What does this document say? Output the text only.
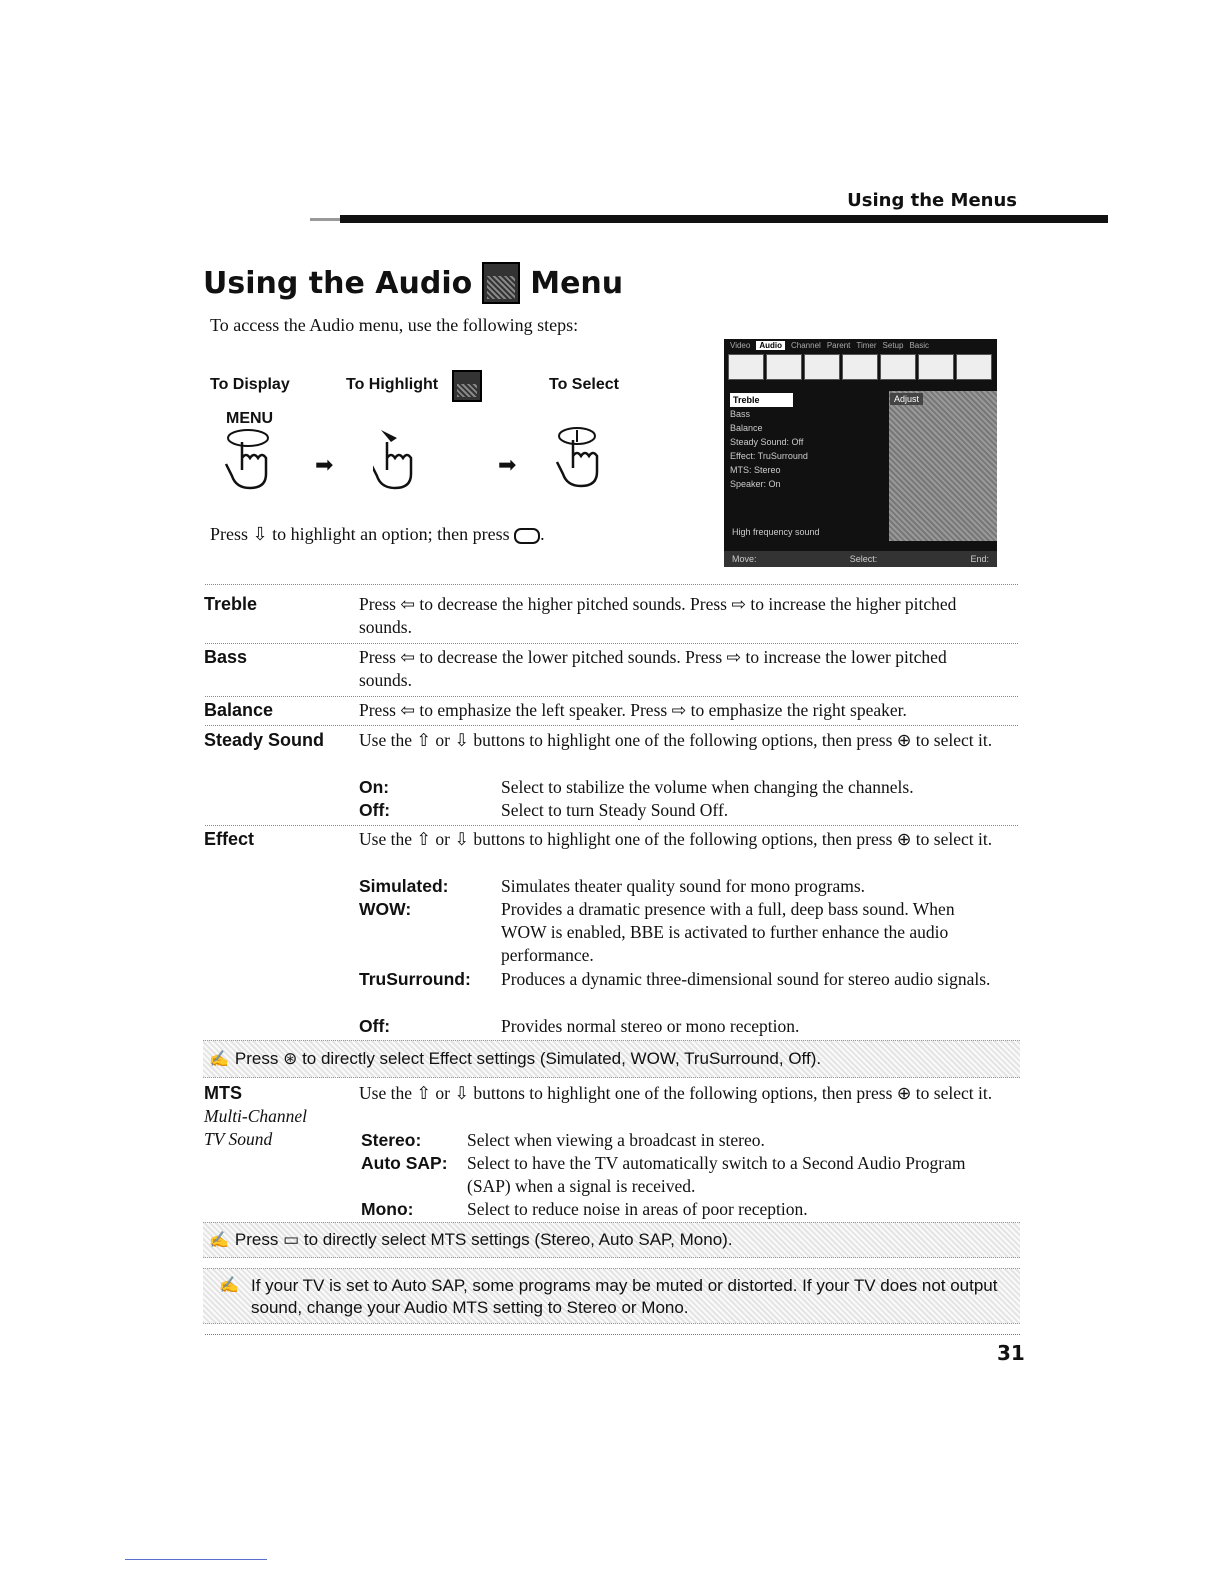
Using the Menus
Using the Audio Menu
To access the Audio menu, use the following steps:
To Display	To Highlight	To Select
MENU
➡	➡
Press ⇩ to highlight an option; then press .
Video	Audio	Channel Parent Timer Setup Basic
Treble
Bass
Balance
Steady Sound: Off
Effect: TruSurround
MTS: Stereo
Speaker: On
Adjust
High frequency sound
Move:	Select:	End:
Treble	Press ⇦ to decrease the higher pitched sounds. Press ⇨ to increase the higher pitched sounds.
Bass	Press ⇦ to decrease the lower pitched sounds. Press ⇨ to increase the lower pitched sounds.
Balance	Press ⇦ to emphasize the left speaker. Press ⇨ to emphasize the right speaker.
Steady Sound Use the ⇧ or ⇩ buttons to highlight one of the following options, then press ⊕ to select it.
On:	Select to stabilize the volume when changing the channels.
Off:	Select to turn Steady Sound Off.
Effect	Use the ⇧ or ⇩ buttons to highlight one of the following options, then press ⊕ to select it.
Simulated:	Simulates theater quality sound for mono programs.
WOW:	Provides a dramatic presence with a full, deep bass sound. When WOW is enabled, BBE is activated to further enhance the audio performance.
TruSurround: Produces a dynamic three-dimensional sound for stereo audio signals.
Off:	Provides normal stereo or mono reception.
✍ Press ⊛ to directly select Effect settings (Simulated, WOW, TruSurround, Off).
MTS
Multi-Channel
TV Sound
Use the ⇧ or ⇩ buttons to highlight one of the following options, then press ⊕ to select it.
Stereo:	Select when viewing a broadcast in stereo.
Auto SAP: Select to have the TV automatically switch to a Second Audio Program (SAP) when a signal is received.
Mono:	Select to reduce noise in areas of poor reception.
✍ Press ▭ to directly select MTS settings (Stereo, Auto SAP, Mono).
✍ If your TV is set to Auto SAP, some programs may be muted or distorted. If your TV does not output sound, change your Audio MTS setting to Stereo or Mono.
31
